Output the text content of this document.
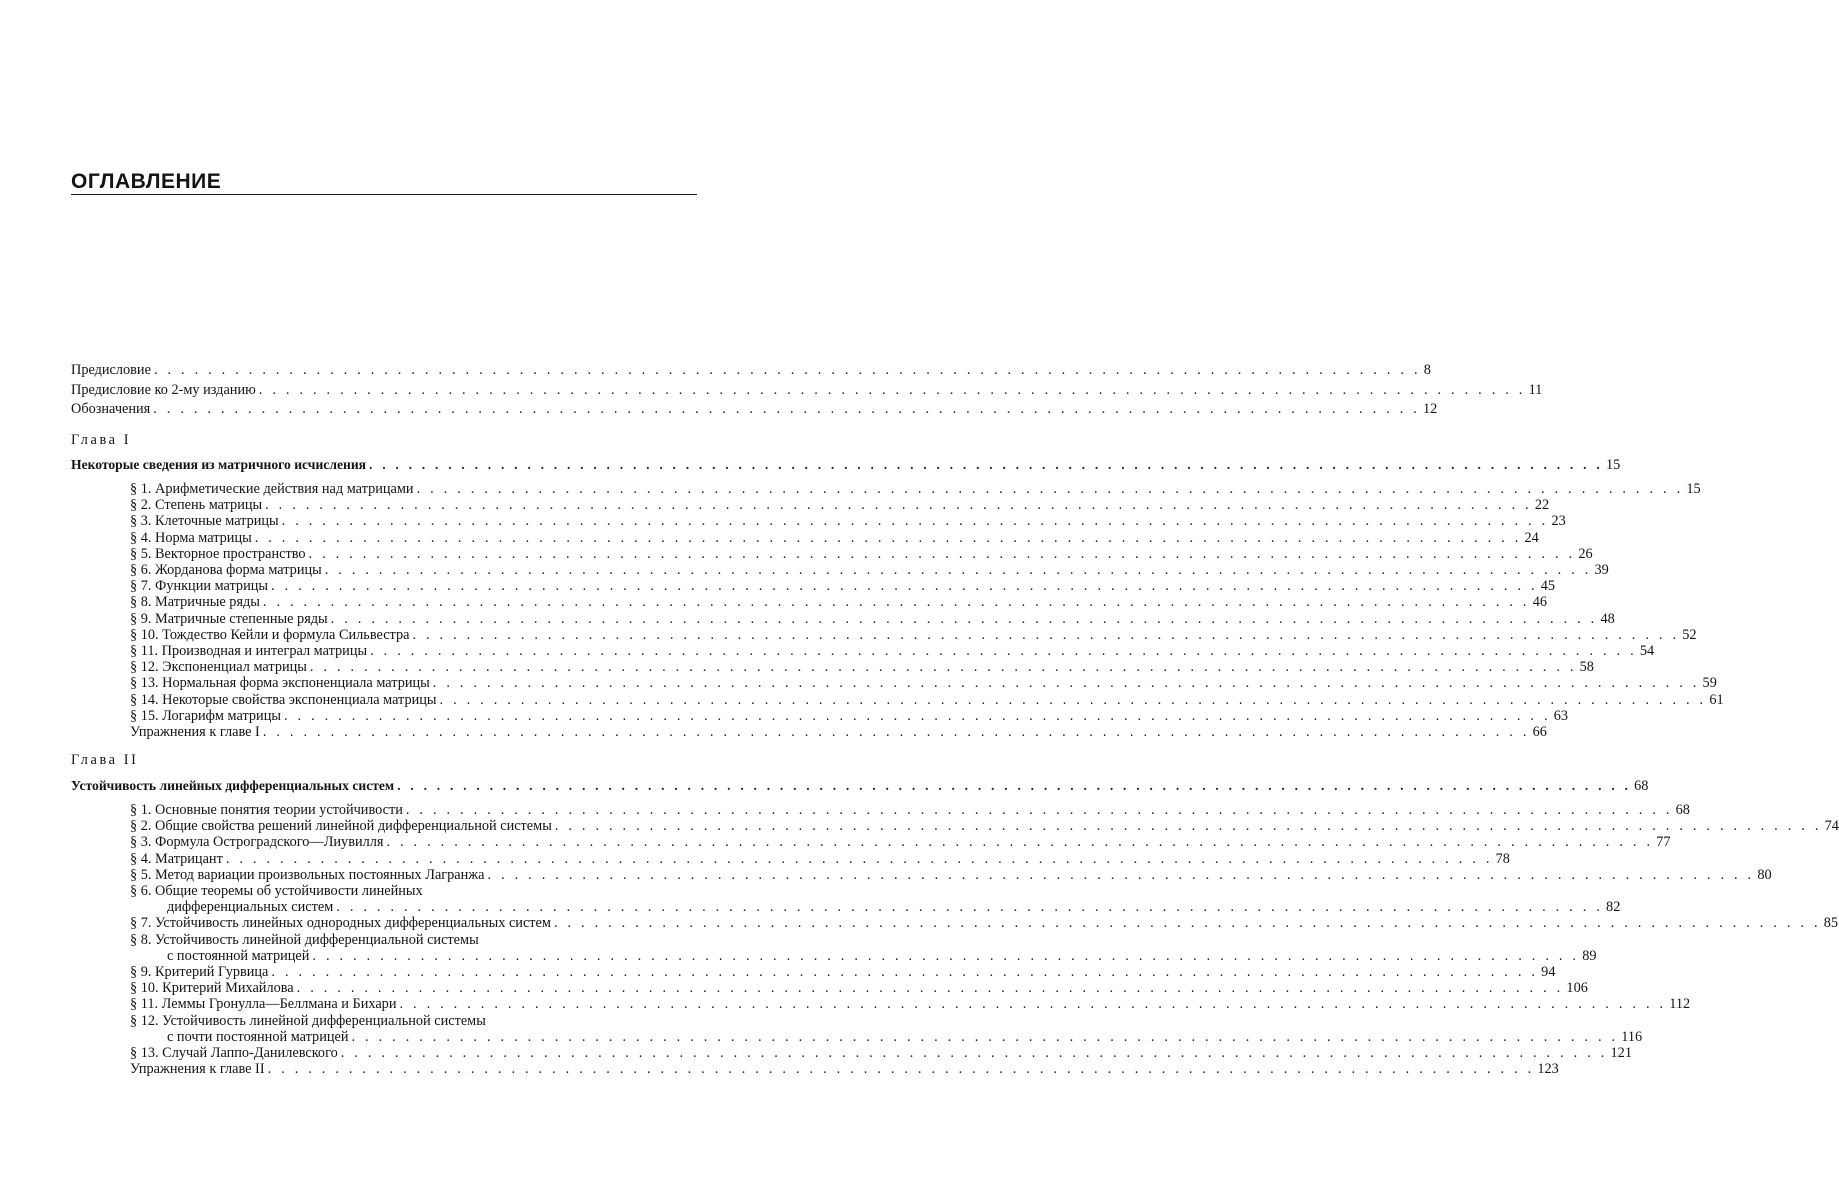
ОГЛАВЛЕНИЕ
Предисловие . . . . . . . . . . . . . . . . . . . . . . . . . . . . . . . . . . . . . . . . . . . . . . . . . . . . . . . . . . . . . . . . . . . . . . . . . . . . . . . . . . . . . . . . . . . . . . 8
Предисловие ко 2-му изданию . . . . . . . . . . . . . . . . . . . . . . . . . . . . . . . . . . . . . . . . . . . . . . . . . . . . . . . . . . . . . . . . . . . . . . . . . . . . . . . . . . . . . . . . . . . . . . 11
Обозначения . . . . . . . . . . . . . . . . . . . . . . . . . . . . . . . . . . . . . . . . . . . . . . . . . . . . . . . . . . . . . . . . . . . . . . . . . . . . . . . . . . . . . . . . . . . . . . 12
Глава I
Некоторые сведения из матричного исчисления . . . . . . . . . . . . . . . . . . . . . . . . . . . . . . . . . . . . . . . . . . . . . . . . . . . . . . . . . . . . . . . . . . . . . . . . . . . . . . . . . . . . . . . . . . . . . . 15
§ 1. Арифметические действия над матрицами . . . . . . . . . . . . . . . . . . . . . . . . . . . . . . . . . . . . . . . . . . . . . . . . . . . . . . . . . . . . . . . . . . . . . . . . . . . . . . . . . . . . . . . . . . . . . . 15
§ 2. Степень матрицы . . . . . . . . . . . . . . . . . . . . . . . . . . . . . . . . . . . . . . . . . . . . . . . . . . . . . . . . . . . . . . . . . . . . . . . . . . . . . . . . . . . . . . . . . . . . . . 22
§ 3. Клеточные матрицы . . . . . . . . . . . . . . . . . . . . . . . . . . . . . . . . . . . . . . . . . . . . . . . . . . . . . . . . . . . . . . . . . . . . . . . . . . . . . . . . . . . . . . . . . . . . . . 23
§ 4. Норма матрицы . . . . . . . . . . . . . . . . . . . . . . . . . . . . . . . . . . . . . . . . . . . . . . . . . . . . . . . . . . . . . . . . . . . . . . . . . . . . . . . . . . . . . . . . . . . . . . 24
§ 5. Векторное пространство . . . . . . . . . . . . . . . . . . . . . . . . . . . . . . . . . . . . . . . . . . . . . . . . . . . . . . . . . . . . . . . . . . . . . . . . . . . . . . . . . . . . . . . . . . . . . . 26
§ 6. Жорданова форма матрицы . . . . . . . . . . . . . . . . . . . . . . . . . . . . . . . . . . . . . . . . . . . . . . . . . . . . . . . . . . . . . . . . . . . . . . . . . . . . . . . . . . . . . . . . . . . . . . 39
§ 7. Функции матрицы . . . . . . . . . . . . . . . . . . . . . . . . . . . . . . . . . . . . . . . . . . . . . . . . . . . . . . . . . . . . . . . . . . . . . . . . . . . . . . . . . . . . . . . . . . . . . . 45
§ 8. Матричные ряды . . . . . . . . . . . . . . . . . . . . . . . . . . . . . . . . . . . . . . . . . . . . . . . . . . . . . . . . . . . . . . . . . . . . . . . . . . . . . . . . . . . . . . . . . . . . . . 46
§ 9. Матричные степенные ряды . . . . . . . . . . . . . . . . . . . . . . . . . . . . . . . . . . . . . . . . . . . . . . . . . . . . . . . . . . . . . . . . . . . . . . . . . . . . . . . . . . . . . . . . . . . . . . 48
§ 10. Тождество Кейли и формула Сильвестра . . . . . . . . . . . . . . . . . . . . . . . . . . . . . . . . . . . . . . . . . . . . . . . . . . . . . . . . . . . . . . . . . . . . . . . . . . . . . . . . . . . . . . . . . . . . . . 52
§ 11. Производная и интеграл матрицы . . . . . . . . . . . . . . . . . . . . . . . . . . . . . . . . . . . . . . . . . . . . . . . . . . . . . . . . . . . . . . . . . . . . . . . . . . . . . . . . . . . . . . . . . . . . . . 54
§ 12. Экспоненциал матрицы . . . . . . . . . . . . . . . . . . . . . . . . . . . . . . . . . . . . . . . . . . . . . . . . . . . . . . . . . . . . . . . . . . . . . . . . . . . . . . . . . . . . . . . . . . . . . . 58
§ 13. Нормальная форма экспоненциала матрицы . . . . . . . . . . . . . . . . . . . . . . . . . . . . . . . . . . . . . . . . . . . . . . . . . . . . . . . . . . . . . . . . . . . . . . . . . . . . . . . . . . . . . . . . . . . . . . 59
§ 14. Некоторые свойства экспоненциала матрицы . . . . . . . . . . . . . . . . . . . . . . . . . . . . . . . . . . . . . . . . . . . . . . . . . . . . . . . . . . . . . . . . . . . . . . . . . . . . . . . . . . . . . . . . . . . . . . 61
§ 15. Логарифм матрицы . . . . . . . . . . . . . . . . . . . . . . . . . . . . . . . . . . . . . . . . . . . . . . . . . . . . . . . . . . . . . . . . . . . . . . . . . . . . . . . . . . . . . . . . . . . . . . 63
Упражнения к главе I . . . . . . . . . . . . . . . . . . . . . . . . . . . . . . . . . . . . . . . . . . . . . . . . . . . . . . . . . . . . . . . . . . . . . . . . . . . . . . . . . . . . . . . . . . . . . . 66
Глава II
Устойчивость линейных дифференциальных систем . . . . . . . . . . . . . . . . . . . . . . . . . . . . . . . . . . . . . . . . . . . . . . . . . . . . . . . . . . . . . . . . . . . . . . . . . . . . . . . . . . . . . . . . . . . . . . 68
§ 1. Основные понятия теории устойчивости . . . . . . . . . . . . . . . . . . . . . . . . . . . . . . . . . . . . . . . . . . . . . . . . . . . . . . . . . . . . . . . . . . . . . . . . . . . . . . . . . . . . . . . . . . . . . . 68
§ 2. Общие свойства решений линейной дифференциальной системы . . . . . . . . . . . . . . . . . . . . . . . . . . . . . . . . . . . . . . . . . . . . . . . . . . . . . . . . . . . . . . . . . . . . . . . . . . . . . . . . . . . . . . . . . . . . . . 74
§ 3. Формула Остроградского—Лиувилля . . . . . . . . . . . . . . . . . . . . . . . . . . . . . . . . . . . . . . . . . . . . . . . . . . . . . . . . . . . . . . . . . . . . . . . . . . . . . . . . . . . . . . . . . . . . . . 77
§ 4. Матрицант . . . . . . . . . . . . . . . . . . . . . . . . . . . . . . . . . . . . . . . . . . . . . . . . . . . . . . . . . . . . . . . . . . . . . . . . . . . . . . . . . . . . . . . . . . . . . . 78
§ 5. Метод вариации произвольных постоянных Лагранжа . . . . . . . . . . . . . . . . . . . . . . . . . . . . . . . . . . . . . . . . . . . . . . . . . . . . . . . . . . . . . . . . . . . . . . . . . . . . . . . . . . . . . . . . . . . . . . 80
§ 6. Общие теоремы об устойчивости линейных
дифференциальных систем . . . . . . . . . . . . . . . . . . . . . . . . . . . . . . . . . . . . . . . . . . . . . . . . . . . . . . . . . . . . . . . . . . . . . . . . . . . . . . . . . . . . . . . . . . . . . . 82
§ 7. Устойчивость линейных однородных дифференциальных систем . . . . . . . . . . . . . . . . . . . . . . . . . . . . . . . . . . . . . . . . . . . . . . . . . . . . . . . . . . . . . . . . . . . . . . . . . . . . . . . . . . . . . . . . . . . . . . 85
§ 8. Устойчивость линейной дифференциальной системы
с постоянной матрицей . . . . . . . . . . . . . . . . . . . . . . . . . . . . . . . . . . . . . . . . . . . . . . . . . . . . . . . . . . . . . . . . . . . . . . . . . . . . . . . . . . . . . . . . . . . . . . 89
§ 9. Критерий Гурвица . . . . . . . . . . . . . . . . . . . . . . . . . . . . . . . . . . . . . . . . . . . . . . . . . . . . . . . . . . . . . . . . . . . . . . . . . . . . . . . . . . . . . . . . . . . . . . 94
§ 10. Критерий Михайлова . . . . . . . . . . . . . . . . . . . . . . . . . . . . . . . . . . . . . . . . . . . . . . . . . . . . . . . . . . . . . . . . . . . . . . . . . . . . . . . . . . . . . . . . . . . . . . 106
§ 11. Леммы Гронулла—Беллмана и Бихари . . . . . . . . . . . . . . . . . . . . . . . . . . . . . . . . . . . . . . . . . . . . . . . . . . . . . . . . . . . . . . . . . . . . . . . . . . . . . . . . . . . . . . . . . . . . . . 112
§ 12. Устойчивость линейной дифференциальной системы
с почти постоянной матрицей . . . . . . . . . . . . . . . . . . . . . . . . . . . . . . . . . . . . . . . . . . . . . . . . . . . . . . . . . . . . . . . . . . . . . . . . . . . . . . . . . . . . . . . . . . . . . . 116
§ 13. Случай Лаппо-Данилевского . . . . . . . . . . . . . . . . . . . . . . . . . . . . . . . . . . . . . . . . . . . . . . . . . . . . . . . . . . . . . . . . . . . . . . . . . . . . . . . . . . . . . . . . . . . . . . 121
Упражнения к главе II . . . . . . . . . . . . . . . . . . . . . . . . . . . . . . . . . . . . . . . . . . . . . . . . . . . . . . . . . . . . . . . . . . . . . . . . . . . . . . . . . . . . . . . . . . . . . . 123
